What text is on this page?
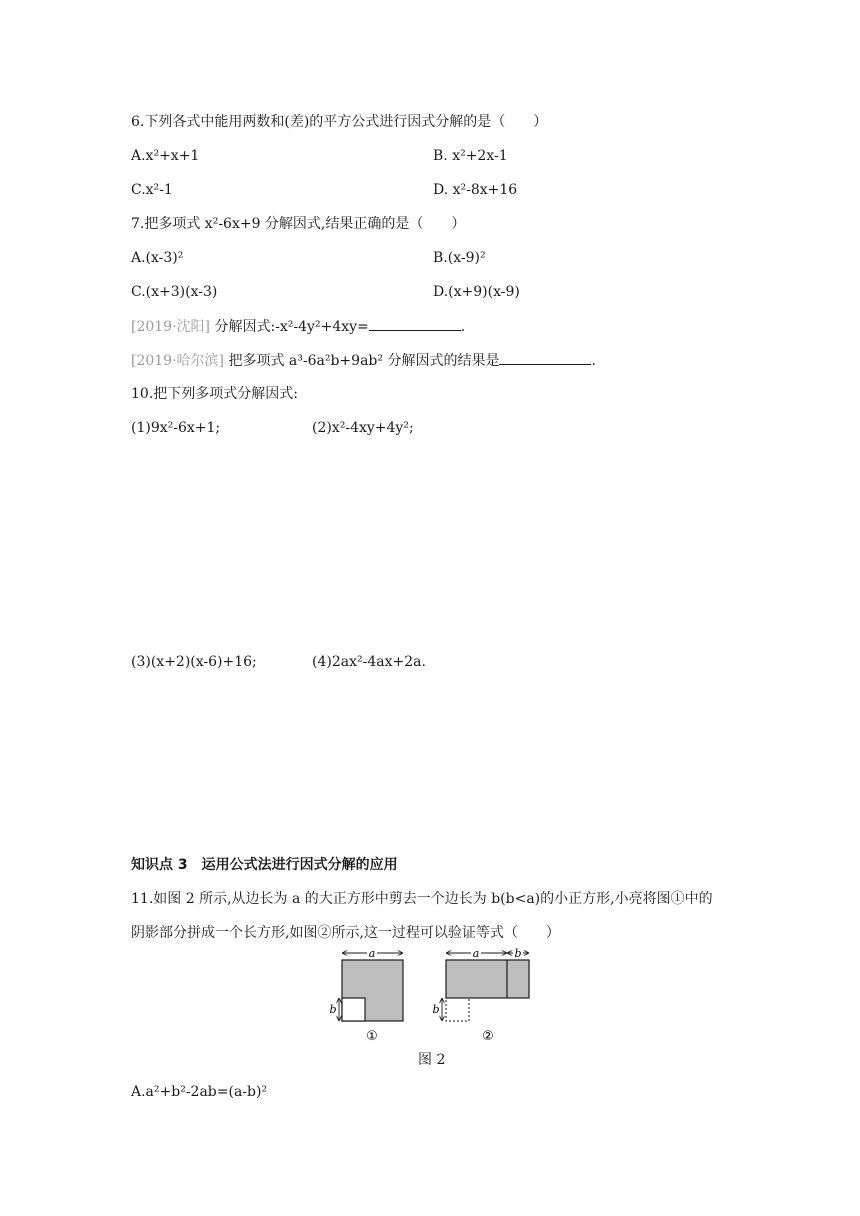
6.下列各式中能用两数和(差)的平方公式进行因式分解的是（　　）
A.x²+x+1	B. x²+2x-1
C.x²-1	D. x²-8x+16
7.把多项式 x²-6x+9 分解因式,结果正确的是（　　）
A.(x-3)²	B.(x-9)²
C.(x+3)(x-3)	D.(x+9)(x-9)
[2019·沈阳] 分解因式:-x²-4y²+4xy=	.
[2019·哈尔滨] 把多项式 a³-6a²b+9ab² 分解因式的结果是	.
10.把下列多项式分解因式:
(1)9x²-6x+1;	(2)x²-4xy+4y²;
(3)(x+2)(x-6)+16;	(4)2ax²-4ax+2a.
知识点 3　运用公式法进行因式分解的应用
11.如图 2 所示,从边长为 a 的大正方形中剪去一个边长为 b(b<a)的小正方形,小亮将图①中的
阴影部分拼成一个长方形,如图②所示,这一过程可以验证等式（　　）
a
b
①
a	b
b
②
图 2
A.a²+b²-2ab=(a-b)²
